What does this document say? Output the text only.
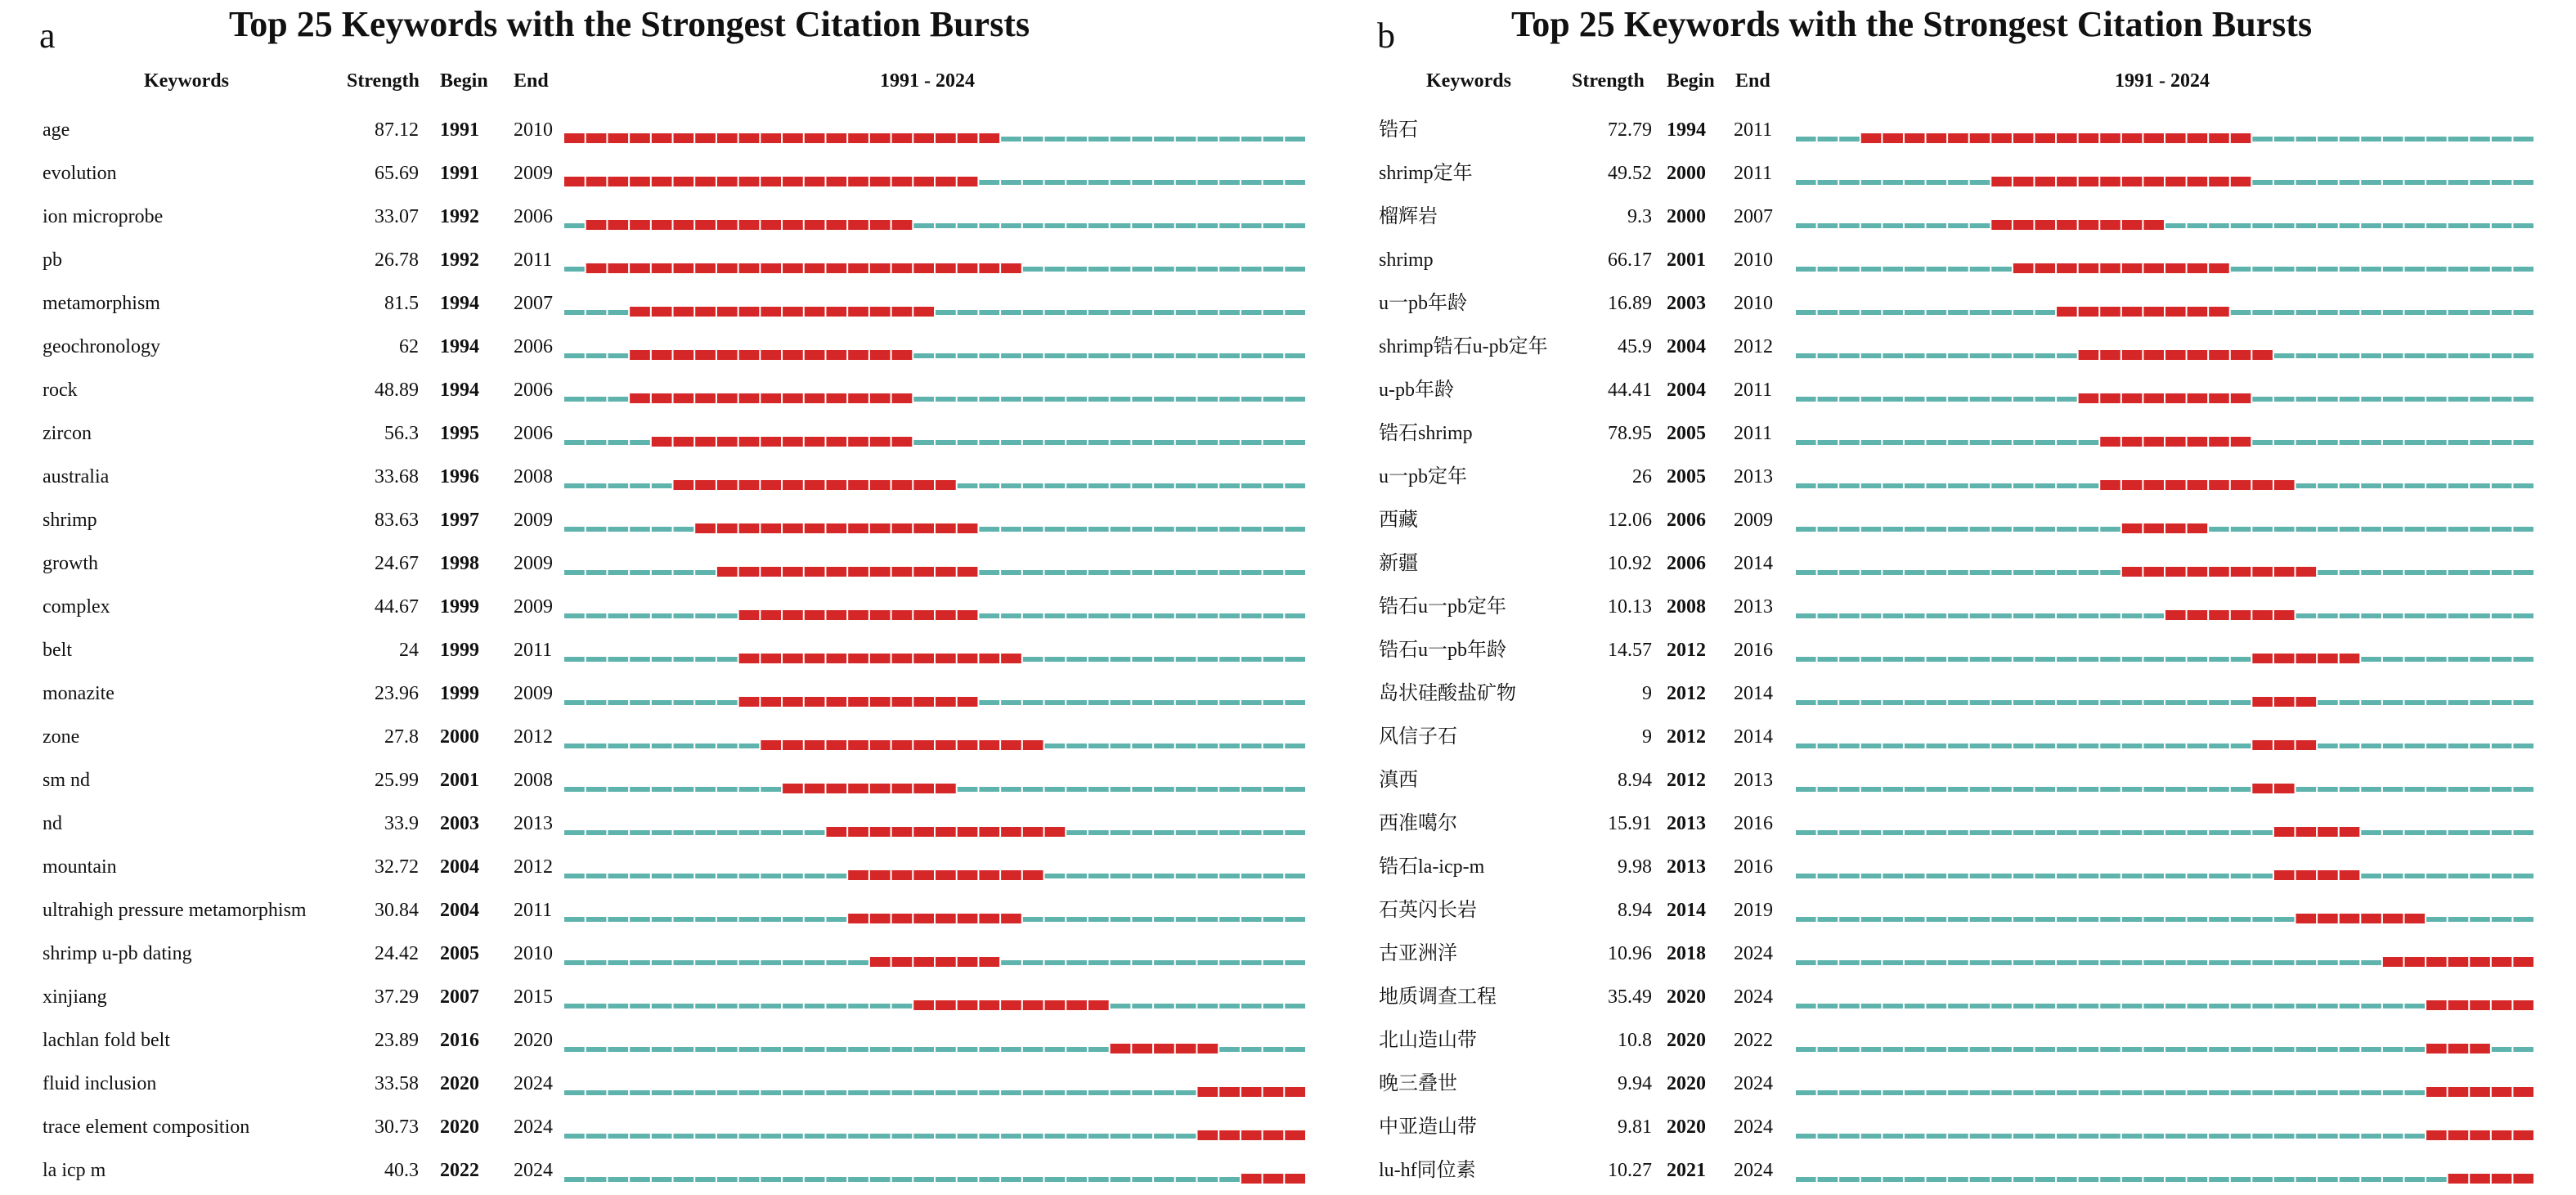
a	Top 25 Keywords with the Strongest Citation Bursts
Keywords	Strength Begin End	1991 - 2024
age	87.12 1991 2010
evolution	65.69 1991 2009
ion microprobe	33.07 1992 2006
pb	26.78 1992 2011
metamorphism	81.5 1994 2007
geochronology	62 1994 2006
rock	48.89 1994 2006
zircon	56.3 1995 2006
australia	33.68 1996 2008
shrimp	83.63 1997 2009
growth	24.67 1998 2009
complex	44.67 1999 2009
belt	24 1999 2011
monazite	23.96 1999 2009
zone	27.8 2000 2012
sm nd	25.99 2001 2008
nd	33.9 2003 2013
mountain	32.72 2004 2012
ultrahigh pressure metamorphism	30.84 2004 2011
shrimp u-pb dating	24.42 2005 2010
xinjiang	37.29 2007 2015
lachlan fold belt	23.89 2016 2020
fluid inclusion	33.58 2020 2024
trace element composition	30.73 2020 2024
la icp m	40.3 2022 2024
b	Top 25 Keywords with the Strongest Citation Bursts
Keywords	Strength Begin End	1991 - 2024
锆石	72.79 1994 2011
shrimp定年	49.52 2000 2011
榴辉岩	9.3 2000 2007
shrimp	66.17 2001 2010
u一pb年龄	16.89 2003 2010
shrimp锆石u-pb定年	45.9 2004 2012
u-pb年龄	44.41 2004 2011
锆石shrimp	78.95 2005 2011
u一pb定年	26 2005 2013
西藏	12.06 2006 2009
新疆	10.92 2006 2014
锆石u一pb定年	10.13 2008 2013
锆石u一pb年龄	14.57 2012 2016
岛状硅酸盐矿物	9 2012 2014
风信子石	9 2012 2014
滇西	8.94 2012 2013
西准噶尔	15.91 2013 2016
锆石la-icp-m	9.98 2013 2016
石英闪长岩	8.94 2014 2019
古亚洲洋	10.96 2018 2024
地质调查工程	35.49 2020 2024
北山造山带	10.8 2020 2022
晚三叠世	9.94 2020 2024
中亚造山带	9.81 2020 2024
lu-hf同位素	10.27 2021 2024
